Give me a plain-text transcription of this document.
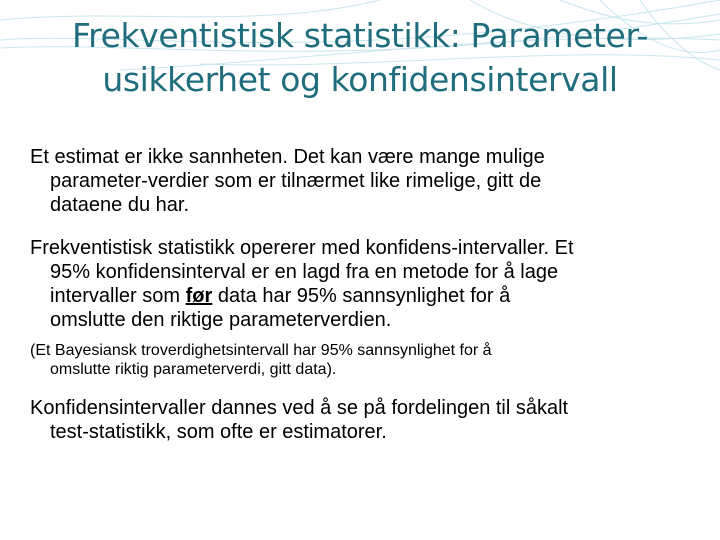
Frekventistisk statistikk: Parameter-
usikkerhet og konfidensintervall
Et estimat er ikke sannheten. Det kan være mange mulige
parameter-verdier som er tilnærmet like rimelige, gitt de
dataene du har.
Frekventistisk statistikk opererer med konfidens-intervaller. Et
95% konfidensinterval er en lagd fra en metode for å lage
intervaller som før data har 95% sannsynlighet for å
omslutte den riktige parameterverdien.
(Et Bayesiansk troverdighetsintervall har 95% sannsynlighet for å
omslutte riktig parameterverdi, gitt data).
Konfidensintervaller dannes ved å se på fordelingen til såkalt
test-statistikk, som ofte er estimatorer.
